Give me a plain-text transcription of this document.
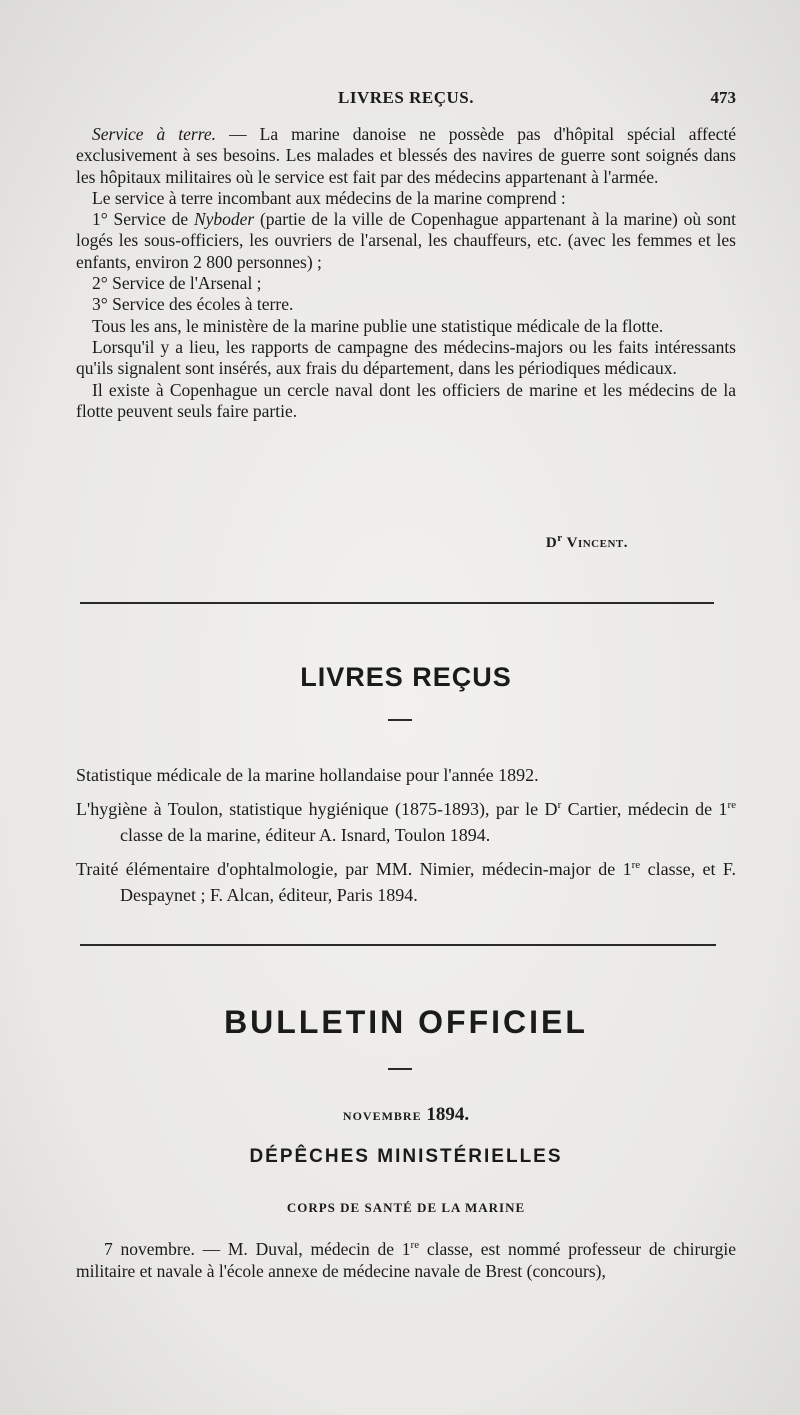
LIVRES REÇUS.	473

Service à terre. — La marine danoise ne possède pas d'hôpital spécial affecté exclusivement à ses besoins. Les malades et blessés des navires de guerre sont soignés dans les hôpitaux militaires où le service est fait par des médecins appartenant à l'armée.

Le service à terre incombant aux médecins de la marine comprend :

1° Service de Nyboder (partie de la ville de Copenhague appartenant à la marine) où sont logés les sous-officiers, les ouvriers de l'arsenal, les chauffeurs, etc. (avec les femmes et les enfants, environ 2 800 personnes) ;

2° Service de l'Arsenal ;

3° Service des écoles à terre.

Tous les ans, le ministère de la marine publie une statistique médicale de la flotte.

Lorsqu'il y a lieu, les rapports de campagne des médecins-majors ou les faits intéressants qu'ils signalent sont insérés, aux frais du département, dans les périodiques médicaux.

Il existe à Copenhague un cercle naval dont les officiers de marine et les médecins de la flotte peuvent seuls faire partie.

$D^r$ Vincent.
LIVRES REÇUS

Statistique médicale de la marine hollandaise pour l'année 1892.

L'hygiène à Toulon, statistique hygiénique (1875-1893), par le $D^r$ Cartier, médecin de 1re classe de la marine, éditeur A. Isnard, Toulon 1894.

Traité élémentaire d'ophtalmologie, par MM. Nimier, médecin-major de 1re classe, et F. Despaynet ; F. Alcan, éditeur, Paris 1894.

BULLETIN OFFICIEL
NOVEMBRE 1894.
DÉPÊCHES MINISTÉRIELLES
CORPS DE SANTÉ DE LA MARINE

7 novembre. — M. Duval, médecin de 1re classe, est nommé professeur de chirurgie militaire et navale à l'école annexe de médecine navale de Brest (concours),
